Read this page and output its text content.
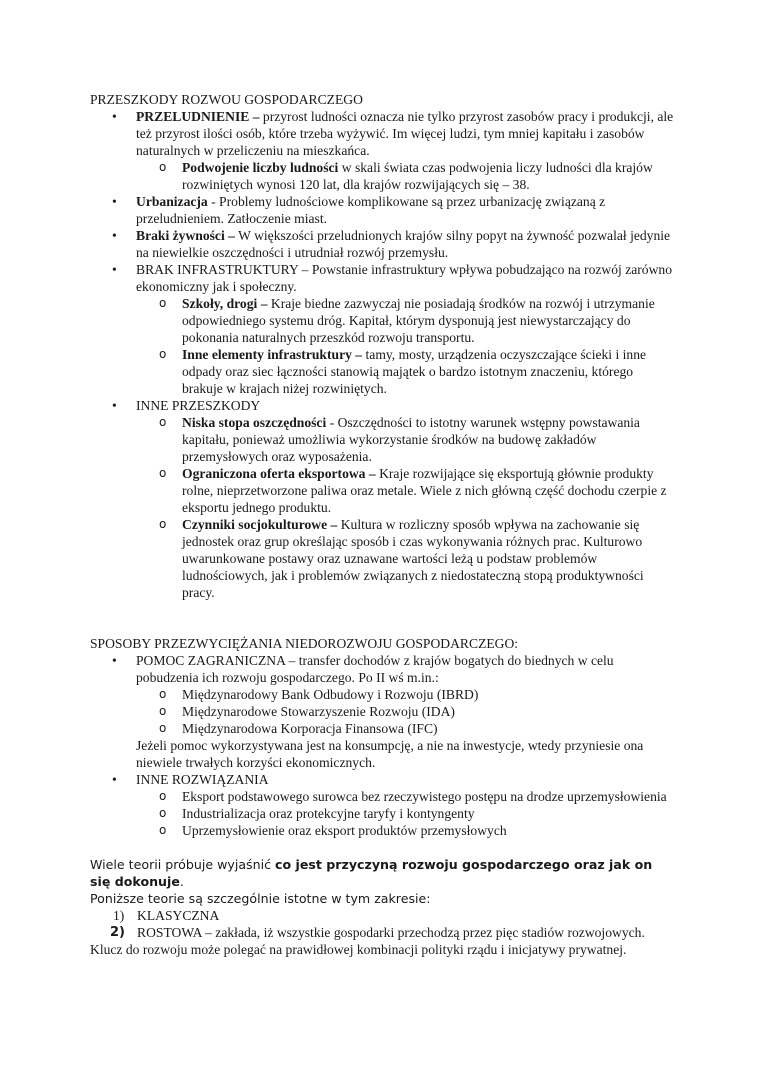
PRZESZKODY ROZWOU GOSPODARCZEGO
• PRZELUDNIENIE – przyrost ludności oznacza nie tylko przyrost zasobów pracy i produkcji, ale też przyrost ilości osób, które trzeba wyżywić. Im więcej ludzi, tym mniej kapitału i zasobów naturalnych w przeliczeniu na mieszkańca.
o Podwojenie liczby ludności w skali świata czas podwojenia liczy ludności dla krajów rozwiniętych wynosi 120 lat, dla krajów rozwijających się – 38.
• Urbanizacja - Problemy ludnościowe komplikowane są przez urbanizację związaną z przeludnieniem. Zatłoczenie miast.
• Braki żywności – W większości przeludnionych krajów silny popyt na żywność pozwalał jedynie na niewielkie oszczędności i utrudniał rozwój przemysłu.
• BRAK INFRASTRUKTURY – Powstanie infrastruktury wpływa pobudzająco na rozwój zarówno ekonomiczny jak i społeczny.
o Szkoły, drogi – Kraje biedne zazwyczaj nie posiadają środków na rozwój i utrzymanie odpowiedniego systemu dróg. Kapitał, którym dysponują jest niewystarczający do pokonania naturalnych przeszkód rozwoju transportu.
o Inne elementy infrastruktury – tamy, mosty, urządzenia oczyszczające ścieki i inne odpady oraz siec łączności stanowią majątek o bardzo istotnym znaczeniu, którego brakuje w krajach niżej rozwiniętych.
• INNE PRZESZKODY
o Niska stopa oszczędności - Oszczędności to istotny warunek wstępny powstawania kapitału, ponieważ umożliwia wykorzystanie środków na budowę zakładów przemysłowych oraz wyposażenia.
o Ograniczona oferta eksportowa – Kraje rozwijające się eksportują głównie produkty rolne, nieprzetworzone paliwa oraz metale. Wiele z nich główną część dochodu czerpie z eksportu jednego produktu.
o Czynniki socjokulturowe – Kultura w rozliczny sposób wpływa na zachowanie się jednostek oraz grup określając sposób i czas wykonywania różnych prac. Kulturowo uwarunkowane postawy oraz uznawane wartości leżą u podstaw problemów ludnościowych, jak i problemów związanych z niedostateczną stopą produktywności pracy.
SPOSOBY PRZEZWYCIĘŻANIA NIEDOROZWOJU GOSPODARCZEGO:
• POMOC ZAGRANICZNA – transfer dochodów z krajów bogatych do biednych w celu pobudzenia ich rozwoju gospodarczego. Po II wś m.in.:
o Międzynarodowy Bank Odbudowy i Rozwoju (IBRD)
o Międzynarodowe Stowarzyszenie Rozwoju (IDA)
o Międzynarodowa Korporacja Finansowa (IFC)
Jeżeli pomoc wykorzystywana jest na konsumpcję, a nie na inwestycje, wtedy przyniesie ona niewiele trwałych korzyści ekonomicznych.
• INNE ROZWIĄZANIA
o Eksport podstawowego surowca bez rzeczywistego postępu na drodze uprzemysłowienia
o Industrializacja oraz protekcyjne taryfy i kontyngenty
o Uprzemysłowienie oraz eksport produktów przemysłowych
Wiele teorii próbuje wyjaśnić co jest przyczyną rozwoju gospodarczego oraz jak on się dokonuje.
Poniższe teorie są szczególnie istotne w tym zakresie:
1) KLASYCZNA
2) ROSTOWA – zakłada, iż wszystkie gospodarki przechodzą przez pięc stadiów rozwojowych.
Klucz do rozwoju może polegać na prawidłowej kombinacji polityki rządu i inicjatywy prywatnej.
